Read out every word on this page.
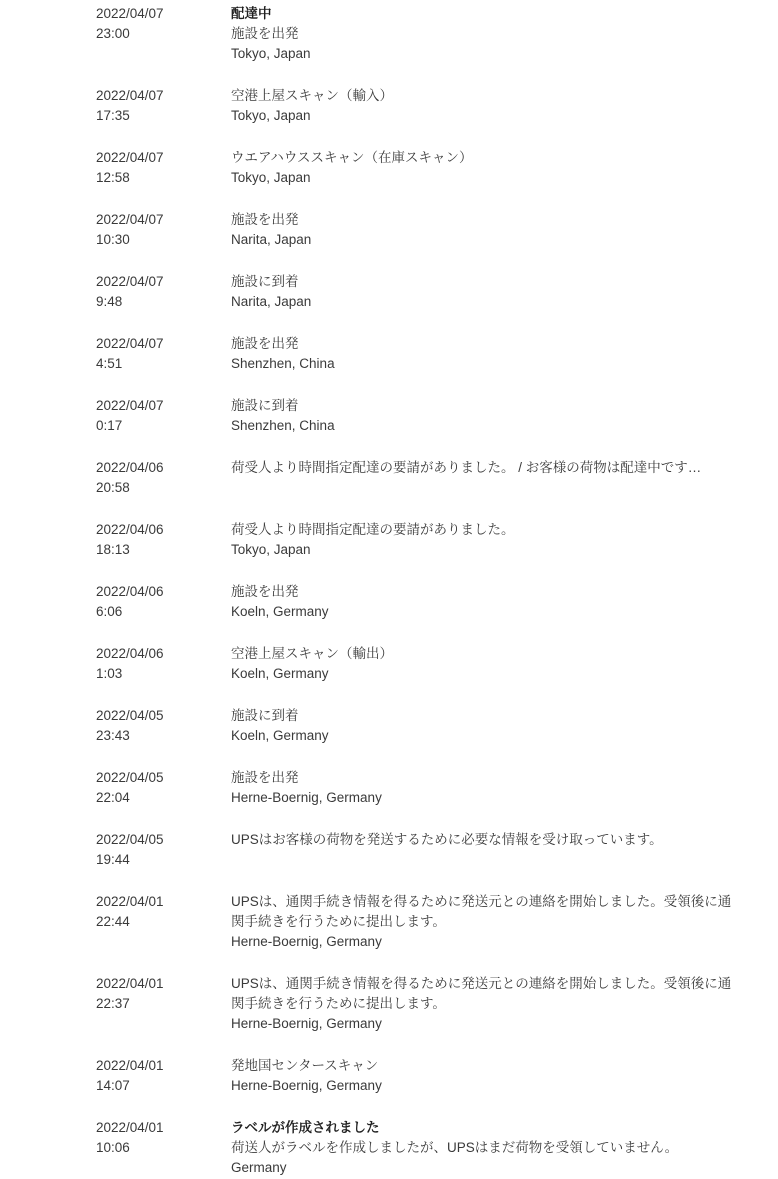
2022/04/07
23:00
配達中
施設を出発
Tokyo, Japan
2022/04/07
17:35
空港上屋スキャン（輸入）
Tokyo, Japan
2022/04/07
12:58
ウエアハウススキャン（在庫スキャン）
Tokyo, Japan
2022/04/07
10:30
施設を出発
Narita, Japan
2022/04/07
9:48
施設に到着
Narita, Japan
2022/04/07
4:51
施設を出発
Shenzhen, China
2022/04/07
0:17
施設に到着
Shenzhen, China
2022/04/06
20:58
荷受人より時間指定配達の要請がありました。 / お客様の荷物は配達中です…

2022/04/06
18:13
荷受人より時間指定配達の要請がありました。
Tokyo, Japan
2022/04/06
6:06
施設を出発
Koeln, Germany
2022/04/06
1:03
空港上屋スキャン（輸出）
Koeln, Germany
2022/04/05
23:43
施設に到着
Koeln, Germany
2022/04/05
22:04
施設を出発
Herne-Boernig, Germany
2022/04/05
19:44
UPSはお客様の荷物を発送するために必要な情報を受け取っています。

2022/04/01
22:44
UPSは、通関手続き情報を得るために発送元との連絡を開始しました。受領後に通関手続きを行うために提出します。
Herne-Boernig, Germany
2022/04/01
22:37
UPSは、通関手続き情報を得るために発送元との連絡を開始しました。受領後に通関手続きを行うために提出します。
Herne-Boernig, Germany
2022/04/01
14:07
発地国センタースキャン
Herne-Boernig, Germany
2022/04/01
10:06
ラベルが作成されました
荷送人がラベルを作成しましたが、UPSはまだ荷物を受領していません。
Germany
